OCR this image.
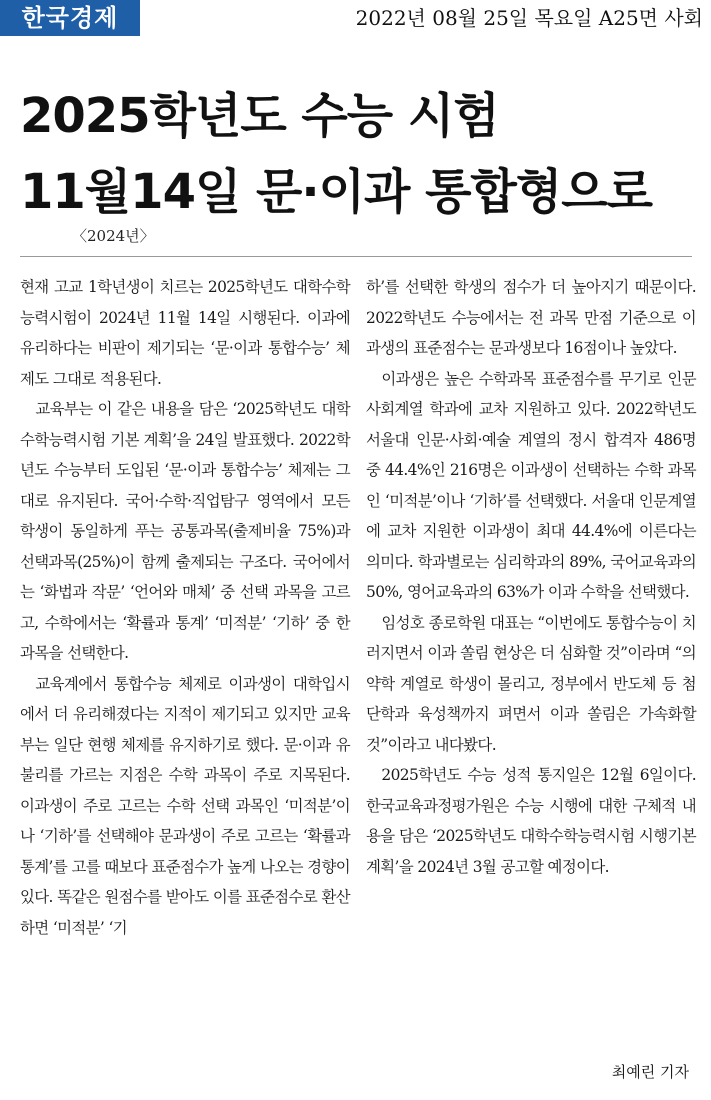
한국경제	2022년 08월 25일 목요일 A25면 사회
2025학년도 수능 시험
11월14일 문·이과 통합형으로
〈2024년〉

현재 고교 1학년생이 치르는 2025학년도 대학수학능력시험이 2024년 11월 14일 시행된다. 이과에 유리하다는 비판이 제기되는 ‘문·이과 통합수능’ 체제도 그대로 적용된다.

교육부는 이 같은 내용을 담은 ‘2025학년도 대학수학능력시험 기본 계획’을 24일 발표했다. 2022학년도 수능부터 도입된 ‘문·이과 통합수능’ 체제는 그대로 유지된다. 국어·수학·직업탐구 영역에서 모든 학생이 동일하게 푸는 공통과목(출제비율 75%)과 선택과목(25%)이 함께 출제되는 구조다. 국어에서는 ‘화법과 작문’ ‘언어와 매체’ 중 선택 과목을 고르고, 수학에서는 ‘확률과 통계’ ‘미적분’ ‘기하’ 중 한 과목을 선택한다.

교육계에서 통합수능 체제로 이과생이 대학입시에서 더 유리해졌다는 지적이 제기되고 있지만 교육부는 일단 현행 체제를 유지하기로 했다. 문·이과 유불리를 가르는 지점은 수학 과목이 주로 지목된다. 이과생이 주로 고르는 수학 선택 과목인 ‘미적분’이나 ‘기하’를 선택해야 문과생이 주로 고르는 ‘확률과 통계’를 고를 때보다 표준점수가 높게 나오는 경향이 있다. 똑같은 원점수를 받아도 이를 표준점수로 환산하면 ‘미적분’ ‘기

하’를 선택한 학생의 점수가 더 높아지기 때문이다. 2022학년도 수능에서는 전 과목 만점 기준으로 이과생의 표준점수는 문과생보다 16점이나 높았다.

이과생은 높은 수학과목 표준점수를 무기로 인문사회계열 학과에 교차 지원하고 있다. 2022학년도 서울대 인문·사회·예술 계열의 정시 합격자 486명 중 44.4%인 216명은 이과생이 선택하는 수학 과목인 ‘미적분’이나 ‘기하’를 선택했다. 서울대 인문계열에 교차 지원한 이과생이 최대 44.4%에 이른다는 의미다. 학과별로는 심리학과의 89%, 국어교육과의 50%, 영어교육과의 63%가 이과 수학을 선택했다.

임성호 종로학원 대표는 “이번에도 통합수능이 치러지면서 이과 쏠림 현상은 더 심화할 것”이라며 “의약학 계열로 학생이 몰리고, 정부에서 반도체 등 첨단학과 육성책까지 펴면서 이과 쏠림은 가속화할 것”이라고 내다봤다.

2025학년도 수능 성적 통지일은 12월 6일이다. 한국교육과정평가원은 수능 시행에 대한 구체적 내용을 담은 ‘2025학년도 대학수학능력시험 시행기본계획’을 2024년 3월 공고할 예정이다.

최예린 기자
